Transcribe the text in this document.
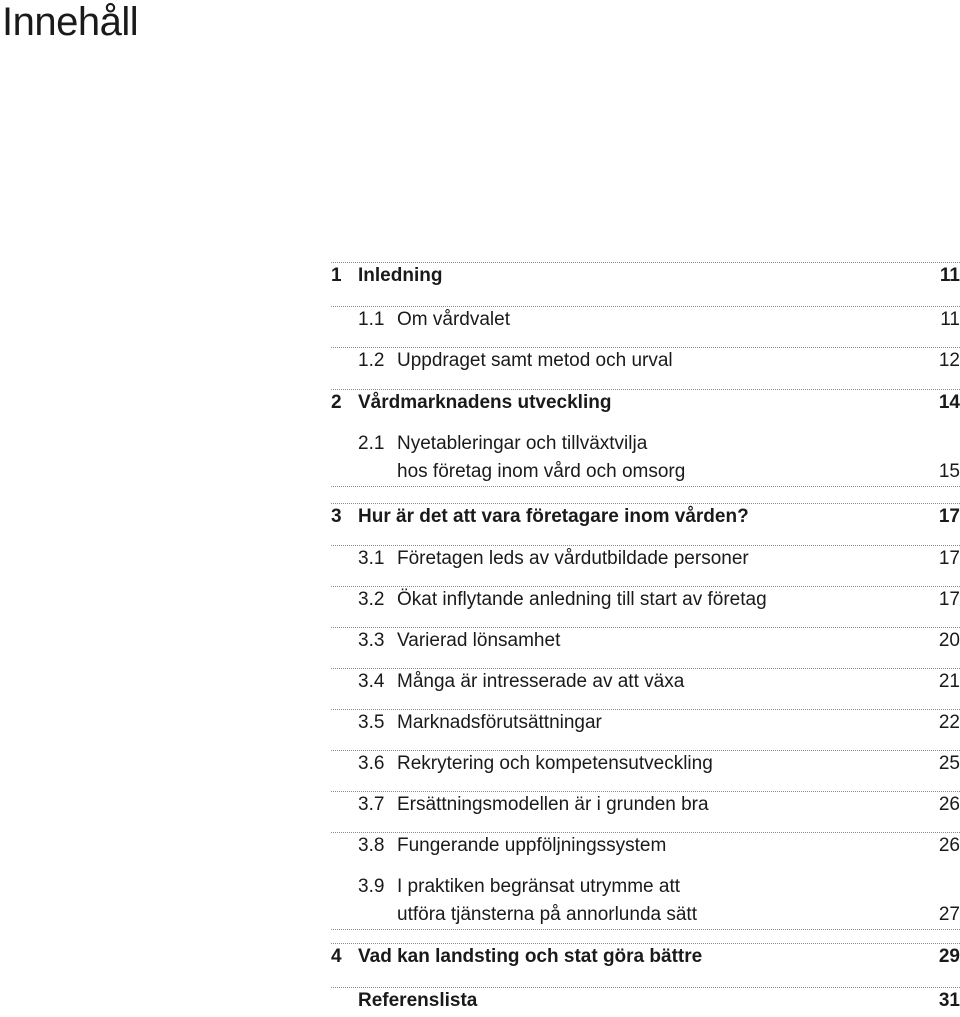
Innehåll
1 Inledning	11
1.1 Om vårdvalet	11
1.2 Uppdraget samt metod och urval	12
2 Vårdmarknadens utveckling	14
2.1 Nyetableringar och tillväxtvilja
hos företag inom vård och omsorg	15
3 Hur är det att vara företagare inom vården?	17
3.1 Företagen leds av vårdutbildade personer	17
3.2 Ökat inflytande anledning till start av företag	17
3.3 Varierad lönsamhet	20
3.4 Många är intresserade av att växa	21
3.5 Marknadsförutsättningar	22
3.6 Rekrytering och kompetensutveckling	25
3.7 Ersättningsmodellen är i grunden bra	26
3.8 Fungerande uppföljningssystem	26
3.9 I praktiken begränsat utrymme att
utföra tjänsterna på annorlunda sätt	27
4 Vad kan landsting och stat göra bättre	29
Referenslista	31
